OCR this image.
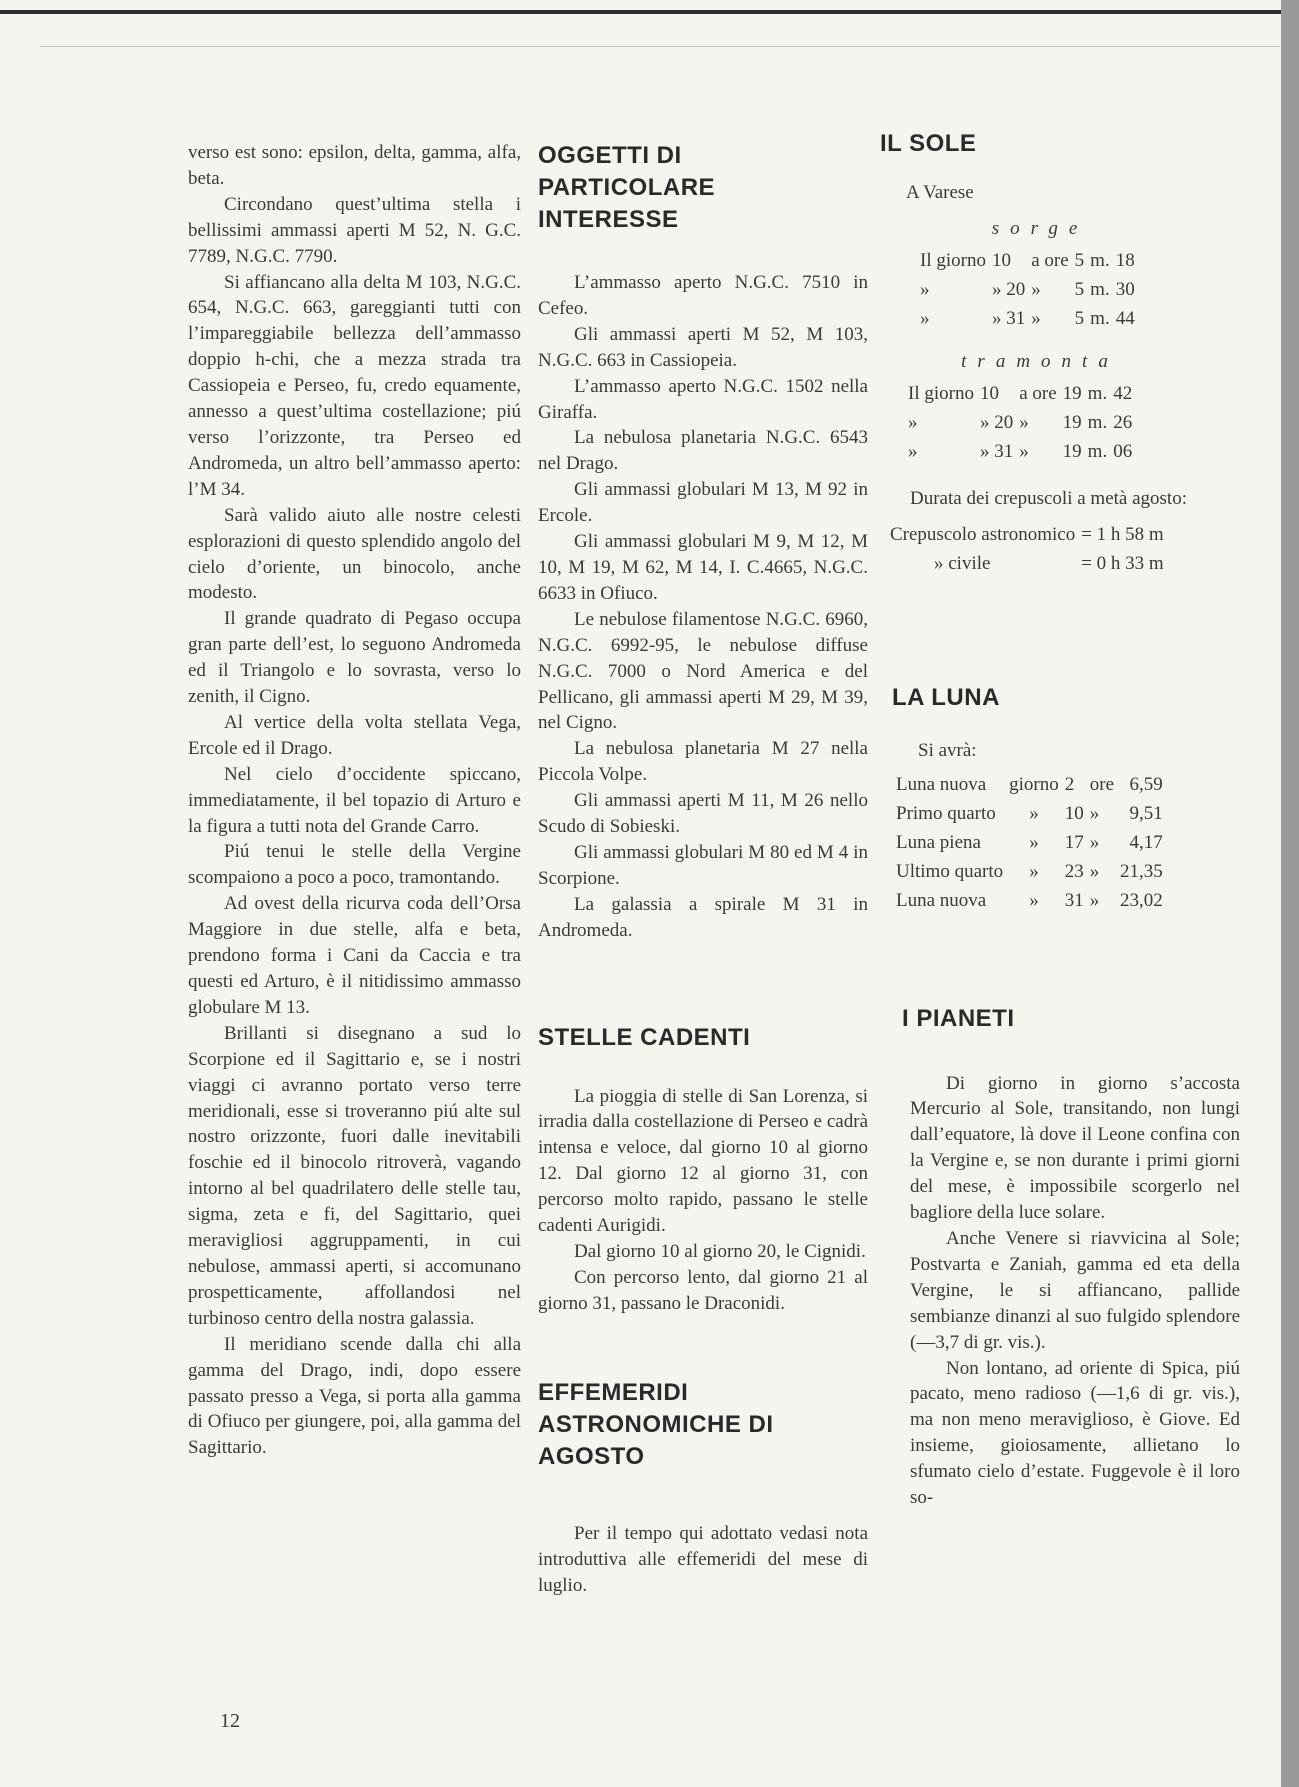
verso est sono: epsilon, delta, gamma, alfa, beta.

Circondano quest’ultima stella i bellissimi ammassi aperti M 52, N. G.C. 7789, N.G.C. 7790.

Si affiancano alla delta M 103, N.G.C. 654, N.G.C. 663, gareggianti tutti con l’impareggiabile bellezza dell’ammasso doppio h-chi, che a mezza strada tra Cassiopeia e Perseo, fu, credo equamente, annesso a quest’ultima costellazione; piú verso l’orizzonte, tra Perseo ed Andromeda, un altro bell’ammasso aperto: l’M 34.

Sarà valido aiuto alle nostre celesti esplorazioni di questo splendido angolo del cielo d’oriente, un binocolo, anche modesto.

Il grande quadrato di Pegaso occupa gran parte dell’est, lo seguono Andromeda ed il Triangolo e lo sovrasta, verso lo zenith, il Cigno.

Al vertice della volta stellata Vega, Ercole ed il Drago.

Nel cielo d’occidente spiccano, immediatamente, il bel topazio di Arturo e la figura a tutti nota del Grande Carro.

Piú tenui le stelle della Vergine scompaiono a poco a poco, tramontando.

Ad ovest della ricurva coda dell’Orsa Maggiore in due stelle, alfa e beta, prendono forma i Cani da Caccia e tra questi ed Arturo, è il nitidissimo ammasso globulare M 13.

Brillanti si disegnano a sud lo Scorpione ed il Sagittario e, se i nostri viaggi ci avranno portato verso terre meridionali, esse si troveranno piú alte sul nostro orizzonte, fuori dalle inevitabili foschie ed il binocolo ritroverà, vagando intorno al bel quadrilatero delle stelle tau, sigma, zeta e fi, del Sagittario, quei meravigliosi aggruppamenti, in cui nebulose, ammassi aperti, si accomunano prospetticamente, affollandosi nel turbinoso centro della nostra galassia.

Il meridiano scende dalla chi alla gamma del Drago, indi, dopo essere passato presso a Vega, si porta alla gamma di Ofiuco per giungere, poi, alla gamma del Sagittario.

OGGETTI DI PARTICOLARE INTERESSE

L’ammasso aperto N.G.C. 7510 in Cefeo.

Gli ammassi aperti M 52, M 103, N.G.C. 663 in Cassiopeia.

L’ammasso aperto N.G.C. 1502 nella Giraffa.

La nebulosa planetaria N.G.C. 6543 nel Drago.

Gli ammassi globulari M 13, M 92 in Ercole.

Gli ammassi globulari M 9, M 12, M 10, M 19, M 62, M 14, I. C.4665, N.G.C. 6633 in Ofiuco.

Le nebulose filamentose N.G.C. 6960, N.G.C. 6992-95, le nebulose diffuse N.G.C. 7000 o Nord America e del Pellicano, gli ammassi aperti M 29, M 39, nel Cigno.

La nebulosa planetaria M 27 nella Piccola Volpe.

Gli ammassi aperti M 11, M 26 nello Scudo di Sobieski.

Gli ammassi globulari M 80 ed M 4 in Scorpione.

La galassia a spirale M 31 in Andromeda.

STELLE CADENTI

La pioggia di stelle di San Lorenza, si irradia dalla costellazione di Perseo e cadrà intensa e veloce, dal giorno 10 al giorno 12. Dal giorno 12 al giorno 31, con percorso molto rapido, passano le stelle cadenti Aurigidi.

Dal giorno 10 al giorno 20, le Cignidi.

Con percorso lento, dal giorno 21 al giorno 31, passano le Draconidi.

EFFEMERIDI ASTRONOMICHE DI AGOSTO

Per il tempo qui adottato vedasi nota introduttiva alle effemeridi del mese di luglio.

IL SOLE
A Varese
sorge
Il giorno	10	a ore	5	m.	18
»	» 20	»	5	m.	30
»	» 31	»	5	m.	44
tramonta
Il giorno	10	a ore	19	m.	42
»	» 20	»	19	m.	26
»	» 31	»	19	m.	06

Durata dei crepuscoli a metà agosto:

Crepuscolo astronomico	= 1 h 58 m
» civile	= 0 h 33 m
LA LUNA
Si avrà:
Luna nuova	giorno	2	ore	6,59
Primo quarto	»	10	»	9,51
Luna piena	»	17	»	4,17
Ultimo quarto	»	23	»	21,35
Luna nuova	»	31	»	23,02
I PIANETI

Di giorno in giorno s’accosta Mercurio al Sole, transitando, non lungi dall’equatore, là dove il Leone confina con la Vergine e, se non durante i primi giorni del mese, è impossibile scorgerlo nel bagliore della luce solare.

Anche Venere si riavvicina al Sole; Postvarta e Zaniah, gamma ed eta della Vergine, le si affiancano, pallide sembianze dinanzi al suo fulgido splendore (—3,7 di gr. vis.).

Non lontano, ad oriente di Spica, piú pacato, meno radioso (—1,6 di gr. vis.), ma non meno meraviglioso, è Giove. Ed insieme, gioiosamente, allietano lo sfumato cielo d’estate. Fuggevole è il loro so-

12
